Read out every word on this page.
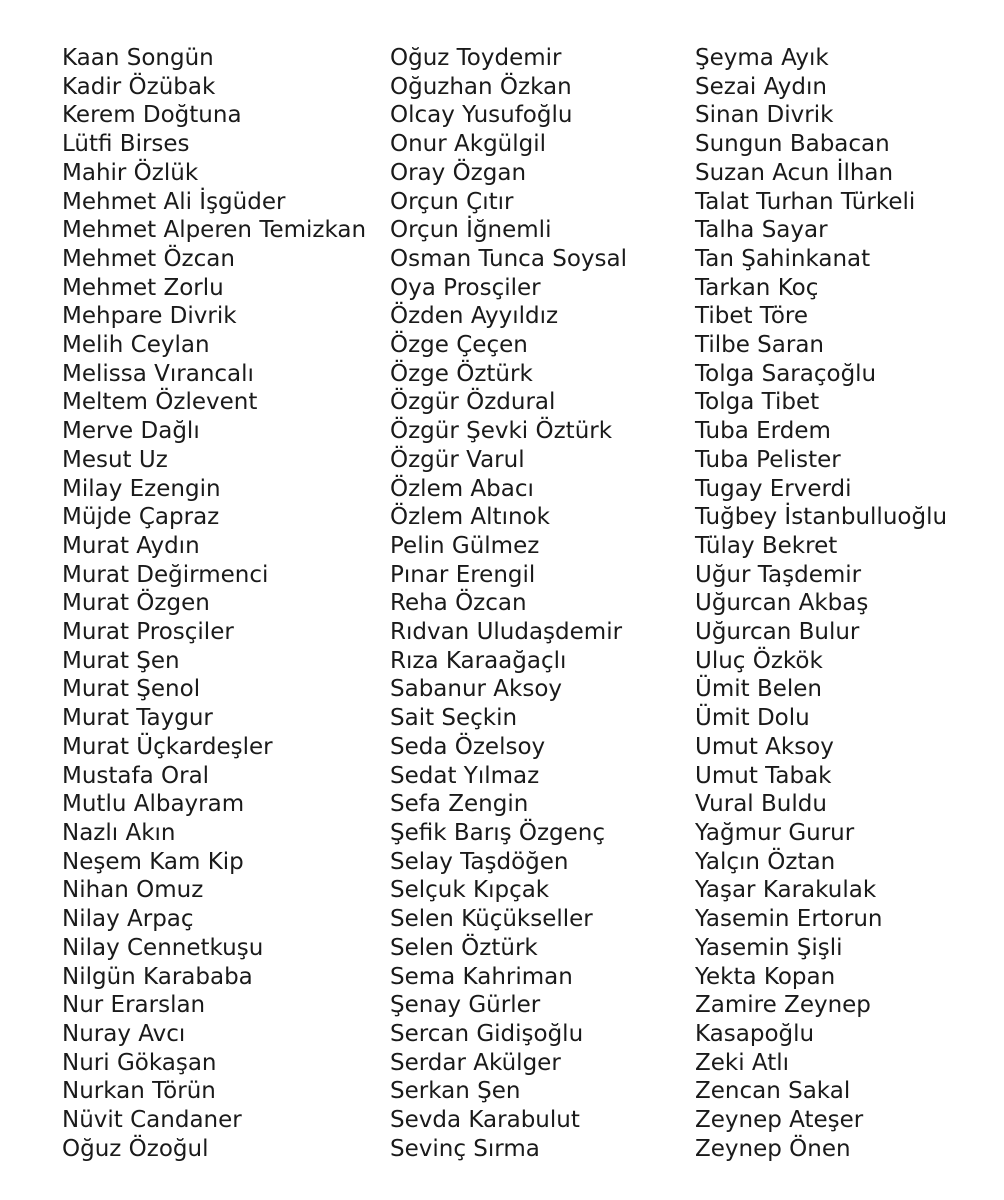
Kaan Songün
Kadir Özübak
Kerem Doğtuna
Lütfi Birses
Mahir Özlük
Mehmet Ali İşgüder
Mehmet Alperen Temizkan
Mehmet Özcan
Mehmet Zorlu
Mehpare Divrik
Melih Ceylan
Melissa Vırancalı
Meltem Özlevent
Merve Dağlı
Mesut Uz
Milay Ezengin
Müjde Çapraz
Murat Aydın
Murat Değirmenci
Murat Özgen
Murat Prosçiler
Murat Şen
Murat Şenol
Murat Taygur
Murat Üçkardeşler
Mustafa Oral
Mutlu Albayram
Nazlı Akın
Neşem Kam Kip
Nihan Omuz
Nilay Arpaç
Nilay Cennetkuşu
Nilgün Karababa
Nur Erarslan
Nuray Avcı
Nuri Gökaşan
Nurkan Törün
Nüvit Candaner
Oğuz Özoğul
Oğuz Toydemir
Oğuzhan Özkan
Olcay Yusufoğlu
Onur Akgülgil
Oray Özgan
Orçun Çıtır
Orçun İğnemli
Osman Tunca Soysal
Oya Prosçiler
Özden Ayyıldız
Özge Çeçen
Özge Öztürk
Özgür Özdural
Özgür Şevki Öztürk
Özgür Varul
Özlem Abacı
Özlem Altınok
Pelin Gülmez
Pınar Erengil
Reha Özcan
Rıdvan Uludaşdemir
Rıza Karaağaçlı
Sabanur Aksoy
Sait Seçkin
Seda Özelsoy
Sedat Yılmaz
Sefa Zengin
Şefik Barış Özgenç
Selay Taşdöğen
Selçuk Kıpçak
Selen Küçükseller
Selen Öztürk
Sema Kahriman
Şenay Gürler
Sercan Gidişoğlu
Serdar Akülger
Serkan Şen
Sevda Karabulut
Sevinç Sırma
Şeyma Ayık
Sezai Aydın
Sinan Divrik
Sungun Babacan
Suzan Acun İlhan
Talat Turhan Türkeli
Talha Sayar
Tan Şahinkanat
Tarkan Koç
Tibet Töre
Tilbe Saran
Tolga Saraçoğlu
Tolga Tibet
Tuba Erdem
Tuba Pelister
Tugay Erverdi
Tuğbey İstanbulluoğlu
Tülay Bekret
Uğur Taşdemir
Uğurcan Akbaş
Uğurcan Bulur
Uluç Özkök
Ümit Belen
Ümit Dolu
Umut Aksoy
Umut Tabak
Vural Buldu
Yağmur Gurur
Yalçın Öztan
Yaşar Karakulak
Yasemin Ertorun
Yasemin Şişli
Yekta Kopan
Zamire Zeynep
Kasapoğlu
Zeki Atlı
Zencan Sakal
Zeynep Ateşer
Zeynep Önen
